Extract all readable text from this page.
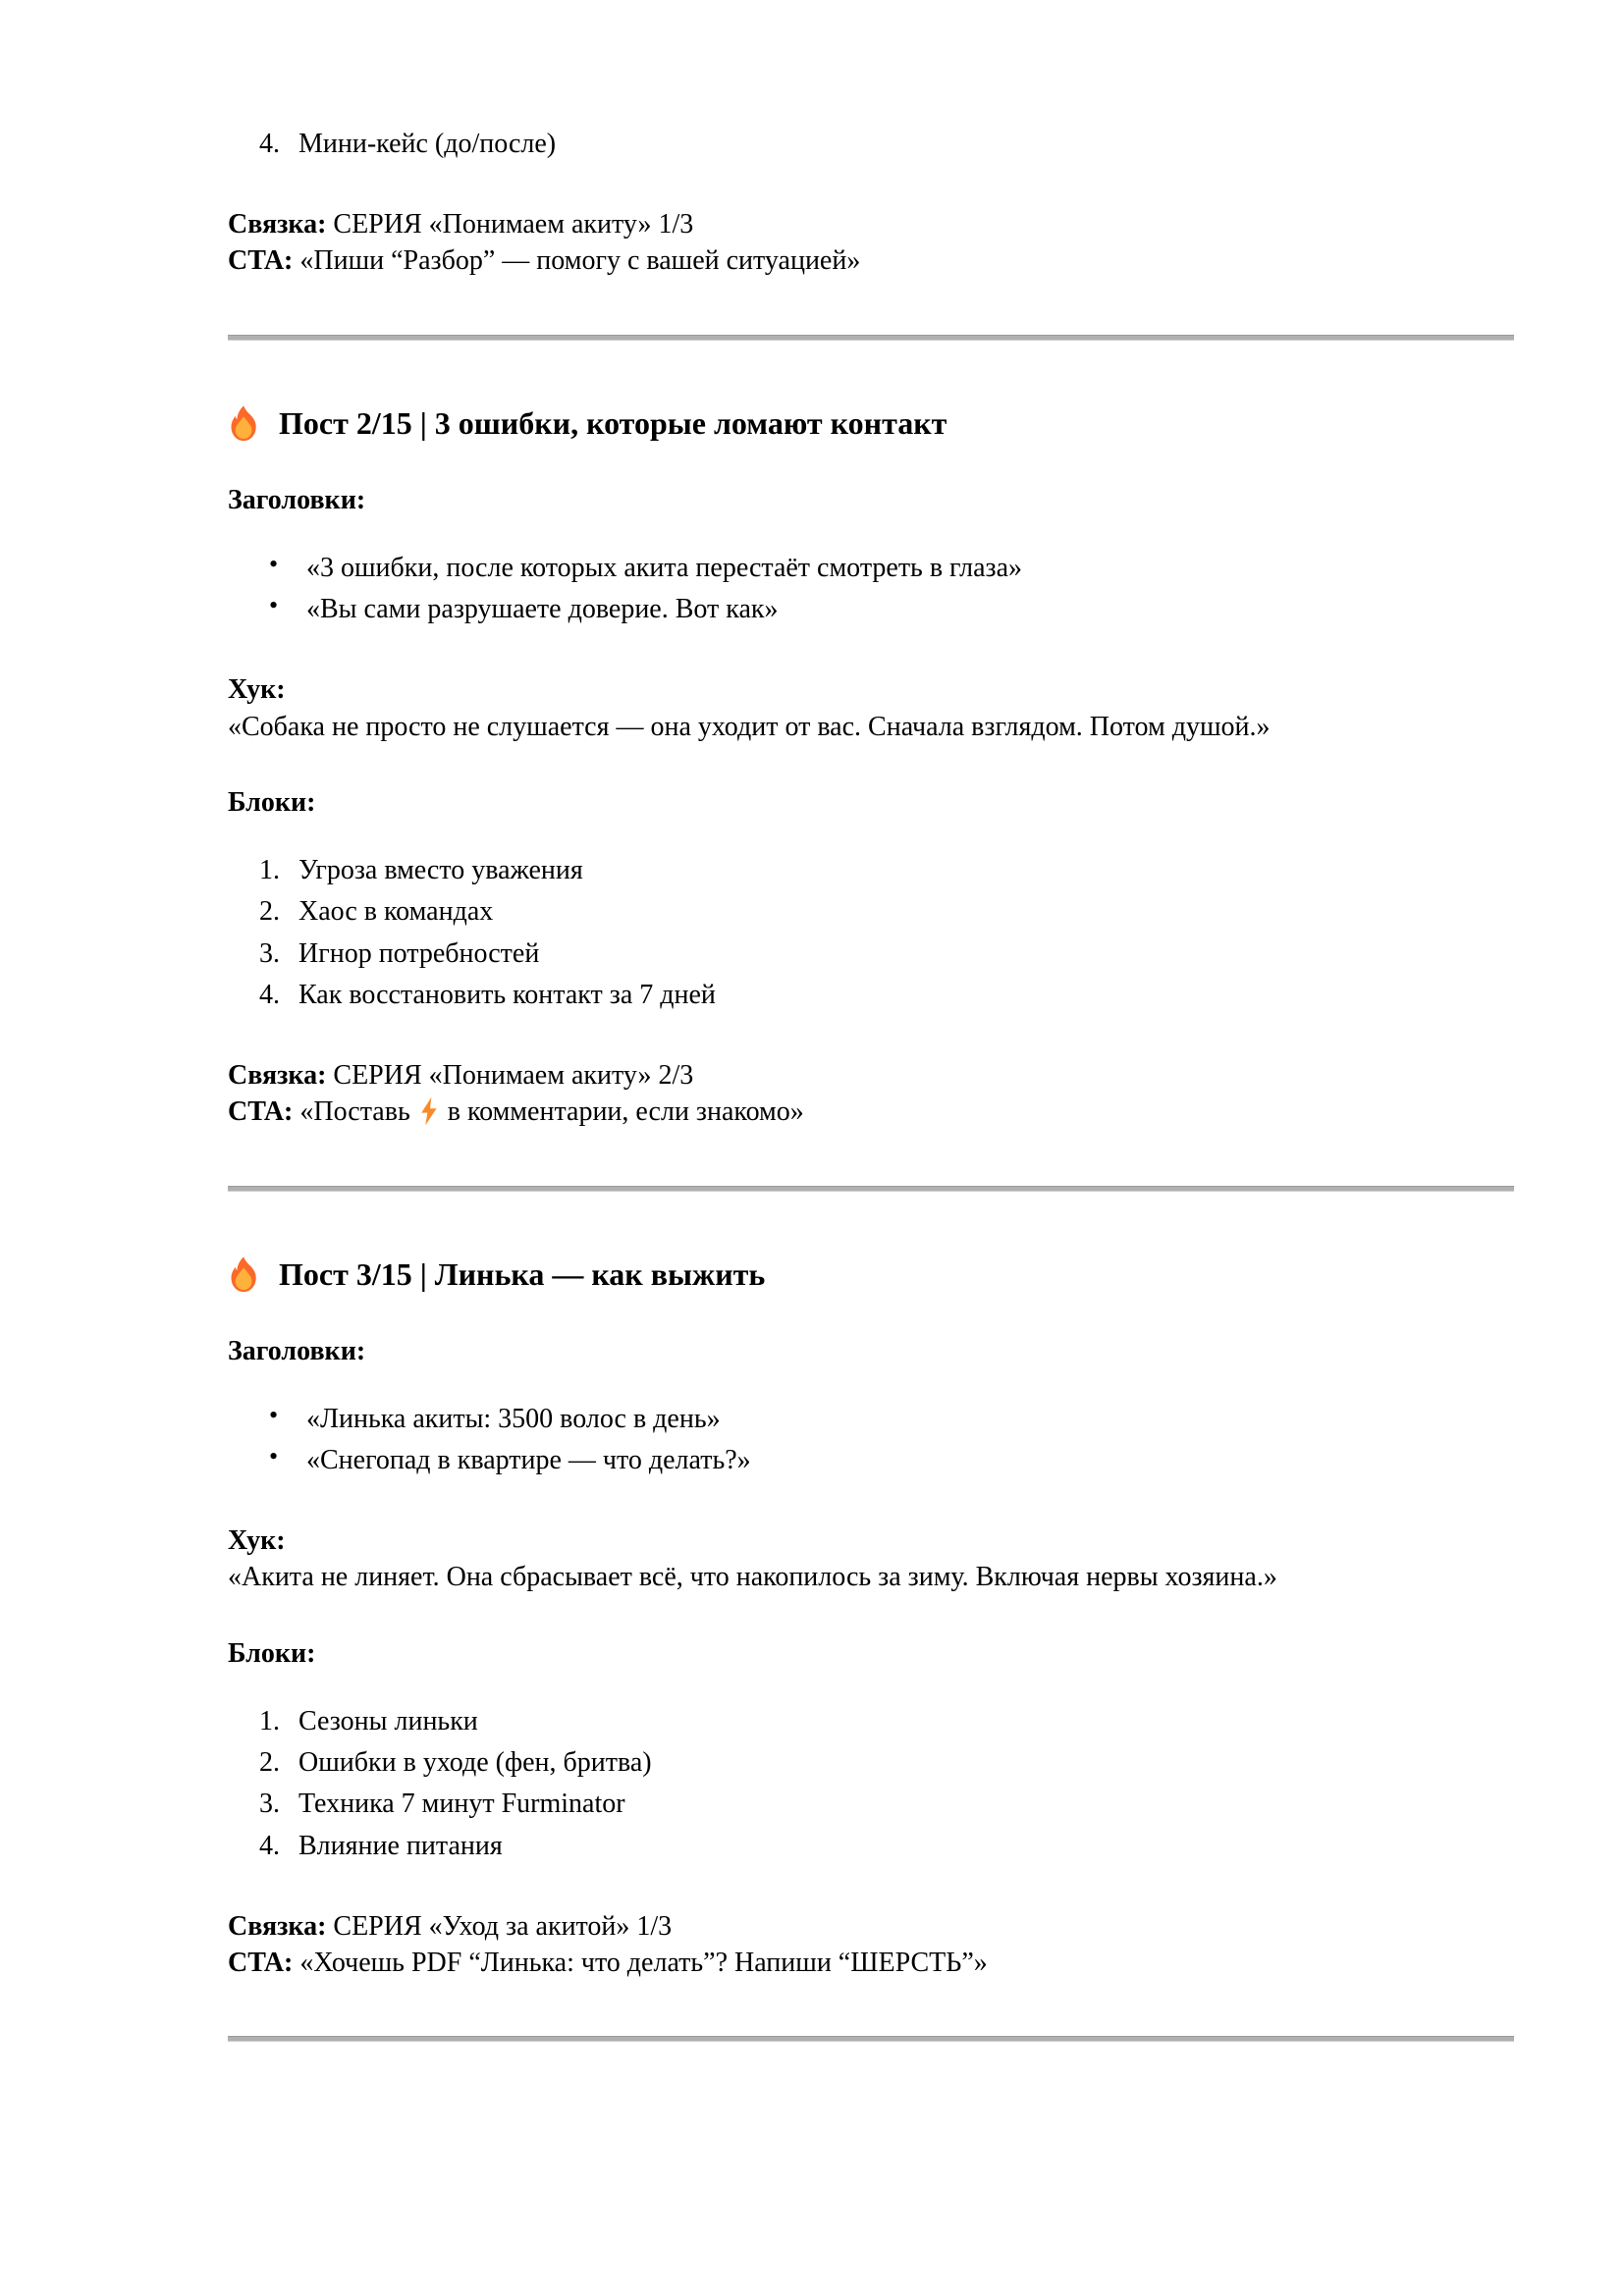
4. Мини-кейс (до/после)

Связка: СЕРИЯ «Понимаем акиту» 1/3

CTA: «Пиши “Разбор” — помогу с вашей ситуацией»

Пост 2/15 | 3 ошибки, которые ломают контакт

Заголовки:

• «3 ошибки, после которых акита перестаёт смотреть в глаза»
• «Вы сами разрушаете доверие. Вот как»

Хук:

«Собака не просто не слушается — она уходит от вас. Сначала взглядом. Потом душой.»

Блоки:

1. Угроза вместо уважения
2. Хаос в командах
3. Игнор потребностей
4. Как восстановить контакт за 7 дней

Связка: СЕРИЯ «Понимаем акиту» 2/3

CTA: «Поставь в комментарии, если знакомо»

Пост 3/15 | Линька — как выжить

Заголовки:

• «Линька акиты: 3500 волос в день»
• «Снегопад в квартире — что делать?»

Хук:

«Акита не линяет. Она сбрасывает всё, что накопилось за зиму. Включая нервы хозяина.»

Блоки:

1. Сезоны линьки
2. Ошибки в уходе (фен, бритва)
3. Техника 7 минут Furminator
4. Влияние питания

Связка: СЕРИЯ «Уход за акитой» 1/3

CTA: «Хочешь PDF “Линька: что делать”? Напиши “ШЕРСТЬ”»
